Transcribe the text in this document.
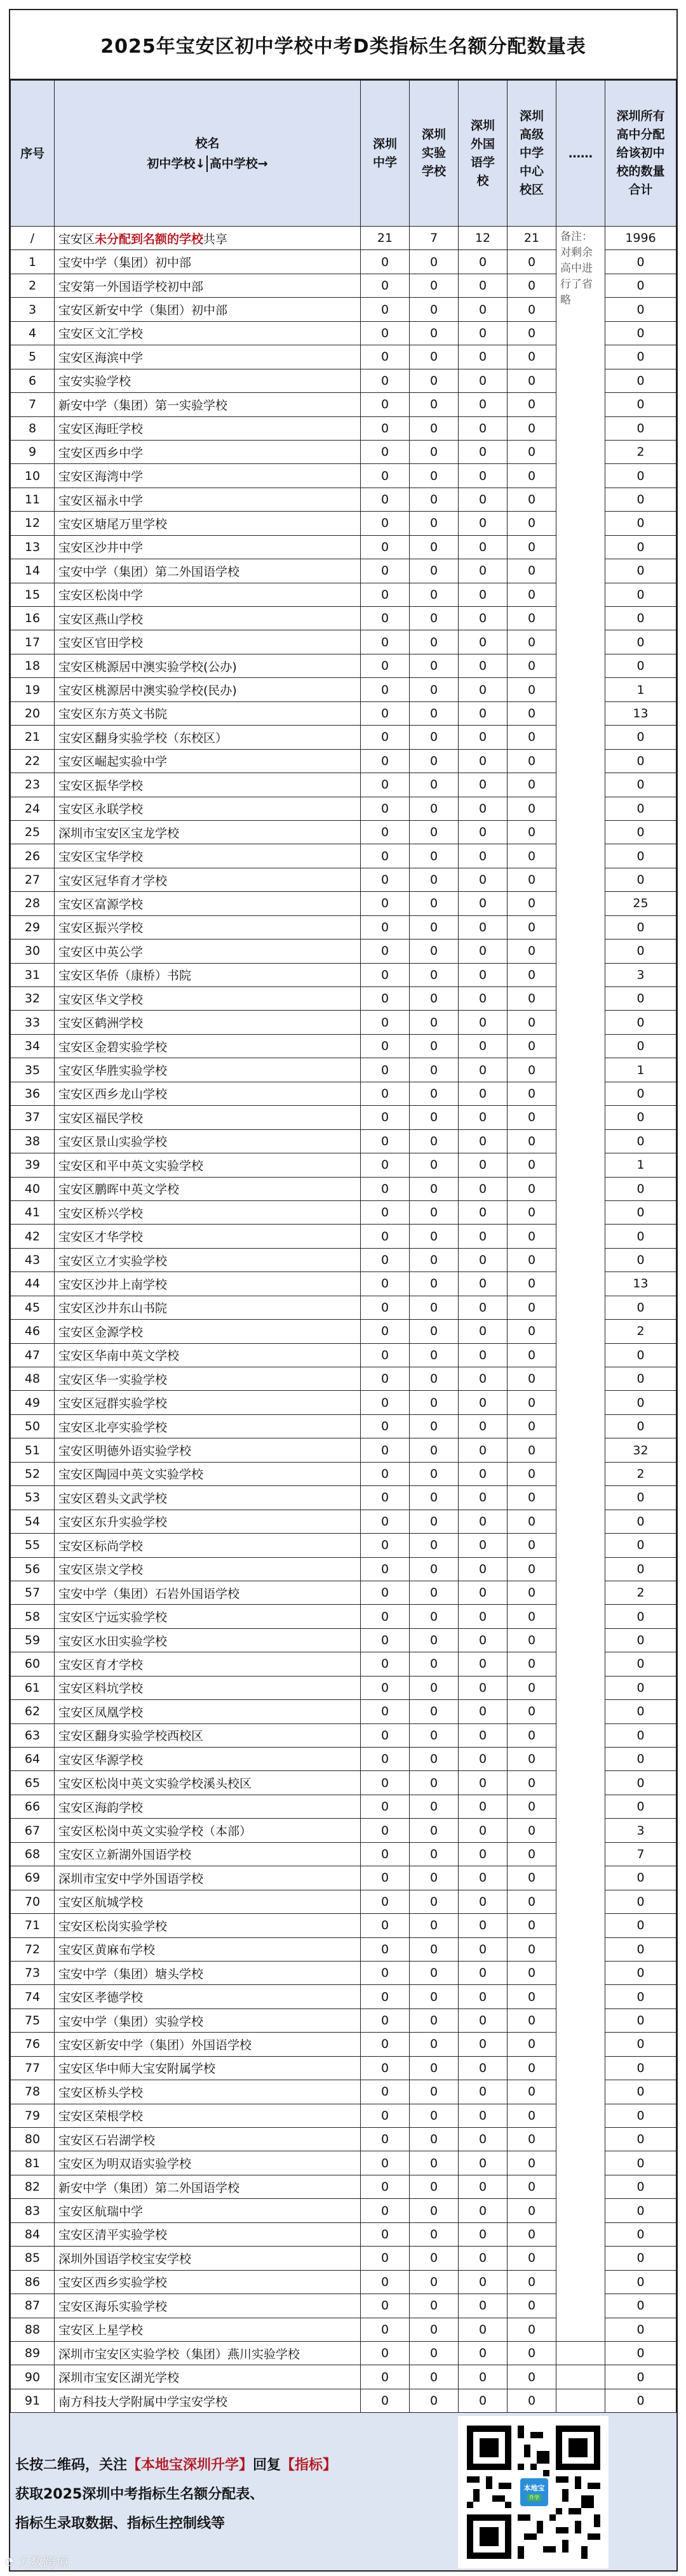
2025年宝安区初中学校中考D类指标生名额分配数量表
序号	校名
初中学校↓ 高中学校→	深圳中学	深圳实验学校	深圳外国语学校	深圳高级中学中心校区	……	深圳所有高中分配给该初中校的数量合计
/	宝安区未分配到名额的学校共享	21	7	12	21	备注：对剩余高中进行了省略	1996
1	宝安中学（集团）初中部	0	0	0	0		0
2	宝安第一外国语学校初中部	0	0	0	0		0
3	宝安区新安中学（集团）初中部	0	0	0	0		0
4	宝安区文汇学校	0	0	0	0		0
5	宝安区海滨中学	0	0	0	0		0
6	宝安实验学校	0	0	0	0		0
7	新安中学（集团）第一实验学校	0	0	0	0		0
8	宝安区海旺学校	0	0	0	0		0
9	宝安区西乡中学	0	0	0	0		2
10	宝安区海湾中学	0	0	0	0		0
11	宝安区福永中学	0	0	0	0		0
12	宝安区塘尾万里学校	0	0	0	0		0
13	宝安区沙井中学	0	0	0	0		0
14	宝安中学（集团）第二外国语学校	0	0	0	0		0
15	宝安区松岗中学	0	0	0	0		0
16	宝安区燕山学校	0	0	0	0		0
17	宝安区官田学校	0	0	0	0		0
18	宝安区桃源居中澳实验学校(公办)	0	0	0	0		0
19	宝安区桃源居中澳实验学校(民办)	0	0	0	0		1
20	宝安区东方英文书院	0	0	0	0		13
21	宝安区翻身实验学校（东校区）	0	0	0	0		0
22	宝安区崛起实验中学	0	0	0	0		0
23	宝安区振华学校	0	0	0	0		0
24	宝安区永联学校	0	0	0	0		0
25	深圳市宝安区宝龙学校	0	0	0	0		0
26	宝安区宝华学校	0	0	0	0		0
27	宝安区冠华育才学校	0	0	0	0		0
28	宝安区富源学校	0	0	0	0		25
29	宝安区振兴学校	0	0	0	0		0
30	宝安区中英公学	0	0	0	0		0
31	宝安区华侨（康桥）书院	0	0	0	0		3
32	宝安区华文学校	0	0	0	0		0
33	宝安区鹤洲学校	0	0	0	0		0
34	宝安区金碧实验学校	0	0	0	0		0
35	宝安区华胜实验学校	0	0	0	0		1
36	宝安区西乡龙山学校	0	0	0	0		0
37	宝安区福民学校	0	0	0	0		0
38	宝安区景山实验学校	0	0	0	0		0
39	宝安区和平中英文实验学校	0	0	0	0		1
40	宝安区鹏晖中英文学校	0	0	0	0		0
41	宝安区桥兴学校	0	0	0	0		0
42	宝安区才华学校	0	0	0	0		0
43	宝安区立才实验学校	0	0	0	0		0
44	宝安区沙井上南学校	0	0	0	0		13
45	宝安区沙井东山书院	0	0	0	0		0
46	宝安区金源学校	0	0	0	0		2
47	宝安区华南中英文学校	0	0	0	0		0
48	宝安区华一实验学校	0	0	0	0		0
49	宝安区冠群实验学校	0	0	0	0		0
50	宝安区北亭实验学校	0	0	0	0		0
51	宝安区明德外语实验学校	0	0	0	0		32
52	宝安区陶园中英文实验学校	0	0	0	0		2
53	宝安区碧头文武学校	0	0	0	0		0
54	宝安区东升实验学校	0	0	0	0		0
55	宝安区标尚学校	0	0	0	0		0
56	宝安区崇文学校	0	0	0	0		0
57	宝安中学（集团）石岩外国语学校	0	0	0	0		2
58	宝安区宁远实验学校	0	0	0	0		0
59	宝安区水田实验学校	0	0	0	0		0
60	宝安区育才学校	0	0	0	0		0
61	宝安区料坑学校	0	0	0	0		0
62	宝安区凤凰学校	0	0	0	0		0
63	宝安区翻身实验学校西校区	0	0	0	0		0
64	宝安区华源学校	0	0	0	0		0
65	宝安区松岗中英文实验学校溪头校区	0	0	0	0		0
66	宝安区海韵学校	0	0	0	0		0
67	宝安区松岗中英文实验学校（本部）	0	0	0	0		3
68	宝安区立新湖外国语学校	0	0	0	0		7
69	深圳市宝安中学外国语学校	0	0	0	0		0
70	宝安区航城学校	0	0	0	0		0
71	宝安区松岗实验学校	0	0	0	0		0
72	宝安区黄麻布学校	0	0	0	0		0
73	宝安中学（集团）塘头学校	0	0	0	0		0
74	宝安区孝德学校	0	0	0	0		0
75	宝安中学（集团）实验学校	0	0	0	0		0
76	宝安区新安中学（集团）外国语学校	0	0	0	0		0
77	宝安区华中师大宝安附属学校	0	0	0	0		0
78	宝安区桥头学校	0	0	0	0		0
79	宝安区荣根学校	0	0	0	0		0
80	宝安区石岩湖学校	0	0	0	0		0
81	宝安区为明双语实验学校	0	0	0	0		0
82	新安中学（集团）第二外国语学校	0	0	0	0		0
83	宝安区航瑞中学	0	0	0	0		0
84	宝安区清平实验学校	0	0	0	0		0
85	深圳外国语学校宝安学校	0	0	0	0		0
86	宝安区西乡实验学校	0	0	0	0		0
87	宝安区海乐实验学校	0	0	0	0		0
88	宝安区上星学校	0	0	0	0		0
89	深圳市宝安区实验学校（集团）燕川实验学校	0	0	0	0		0
90	深圳市宝安区湖光学校	0	0	0	0		0
91	南方科技大学附属中学宝安学校	0	0	0	0		0
长按二维码，关注【本地宝深圳升学】回复【指标】
获取2025深圳中考指标生名额分配表、
指标生录取数据、指标生控制线等
本地宝
升学
◔ 大数跨境
